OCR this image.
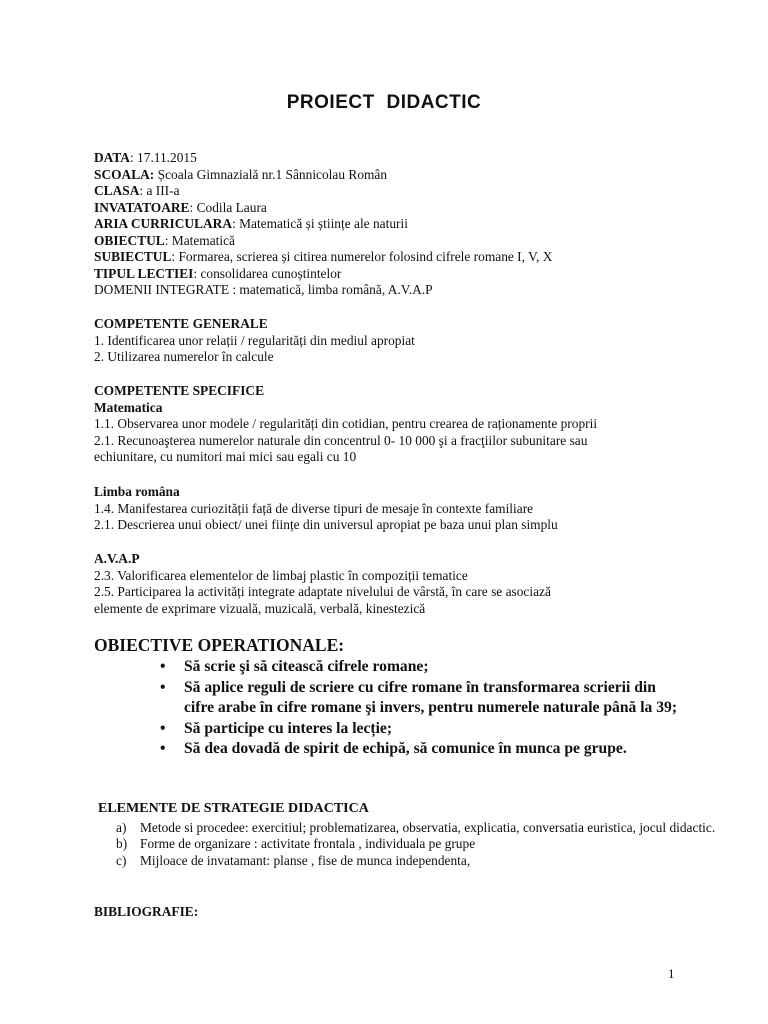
PROIECT DIDACTIC
DATA: 17.11.2015
SCOALA: Școala Gimnazială nr.1 Sânnicolau Român
CLASA: a III-a
INVATATOARE: Codila Laura
ARIA CURRICULARA: Matematică și științe ale naturii
OBIECTUL: Matematică
SUBIECTUL: Formarea, scrierea și citirea numerelor folosind cifrele romane I, V, X
TIPUL LECTIEI: consolidarea cunoștintelor
DOMENII INTEGRATE : matematică, limba română, A.V.A.P
COMPETENTE GENERALE
1. Identificarea unor relații / regularități din mediul apropiat
2. Utilizarea numerelor în calcule
COMPETENTE SPECIFICE
Matematica
1.1. Observarea unor modele / regularități din cotidian, pentru crearea de raționamente proprii
2.1. Recunoaşterea numerelor naturale din concentrul 0- 10 000 şi a fracţiilor subunitare sau
echiunitare, cu numitori mai mici sau egali cu 10
Limba româna
1.4. Manifestarea curiozității față de diverse tipuri de mesaje în contexte familiare
2.1. Descrierea unui obiect/ unei ființe din universul apropiat pe baza unui plan simplu
A.V.A.P
2.3. Valorificarea elementelor de limbaj plastic în compoziții tematice
2.5. Participarea la activități integrate adaptate nivelului de vârstă, în care se asociază
elemente de exprimare vizuală, muzicală, verbală, kinestezică
OBIECTIVE OPERATIONALE:
• Să scrie şi să citească cifrele romane;
• Să aplice reguli de scriere cu cifre romane în transformarea scrierii din cifre arabe în cifre romane şi invers, pentru numerele naturale până la 39;
• Să participe cu interes la lecție;
• Să dea dovadă de spirit de echipă, să comunice în munca pe grupe.
ELEMENTE DE STRATEGIE DIDACTICA
a) Metode si procedee: exercitiul; problematizarea, observatia, explicatia, conversatia euristica, jocul didactic.
b) Forme de organizare : activitate frontala , individuala pe grupe
c) Mijloace de invatamant: planse , fise de munca independenta,
BIBLIOGRAFIE:
1
